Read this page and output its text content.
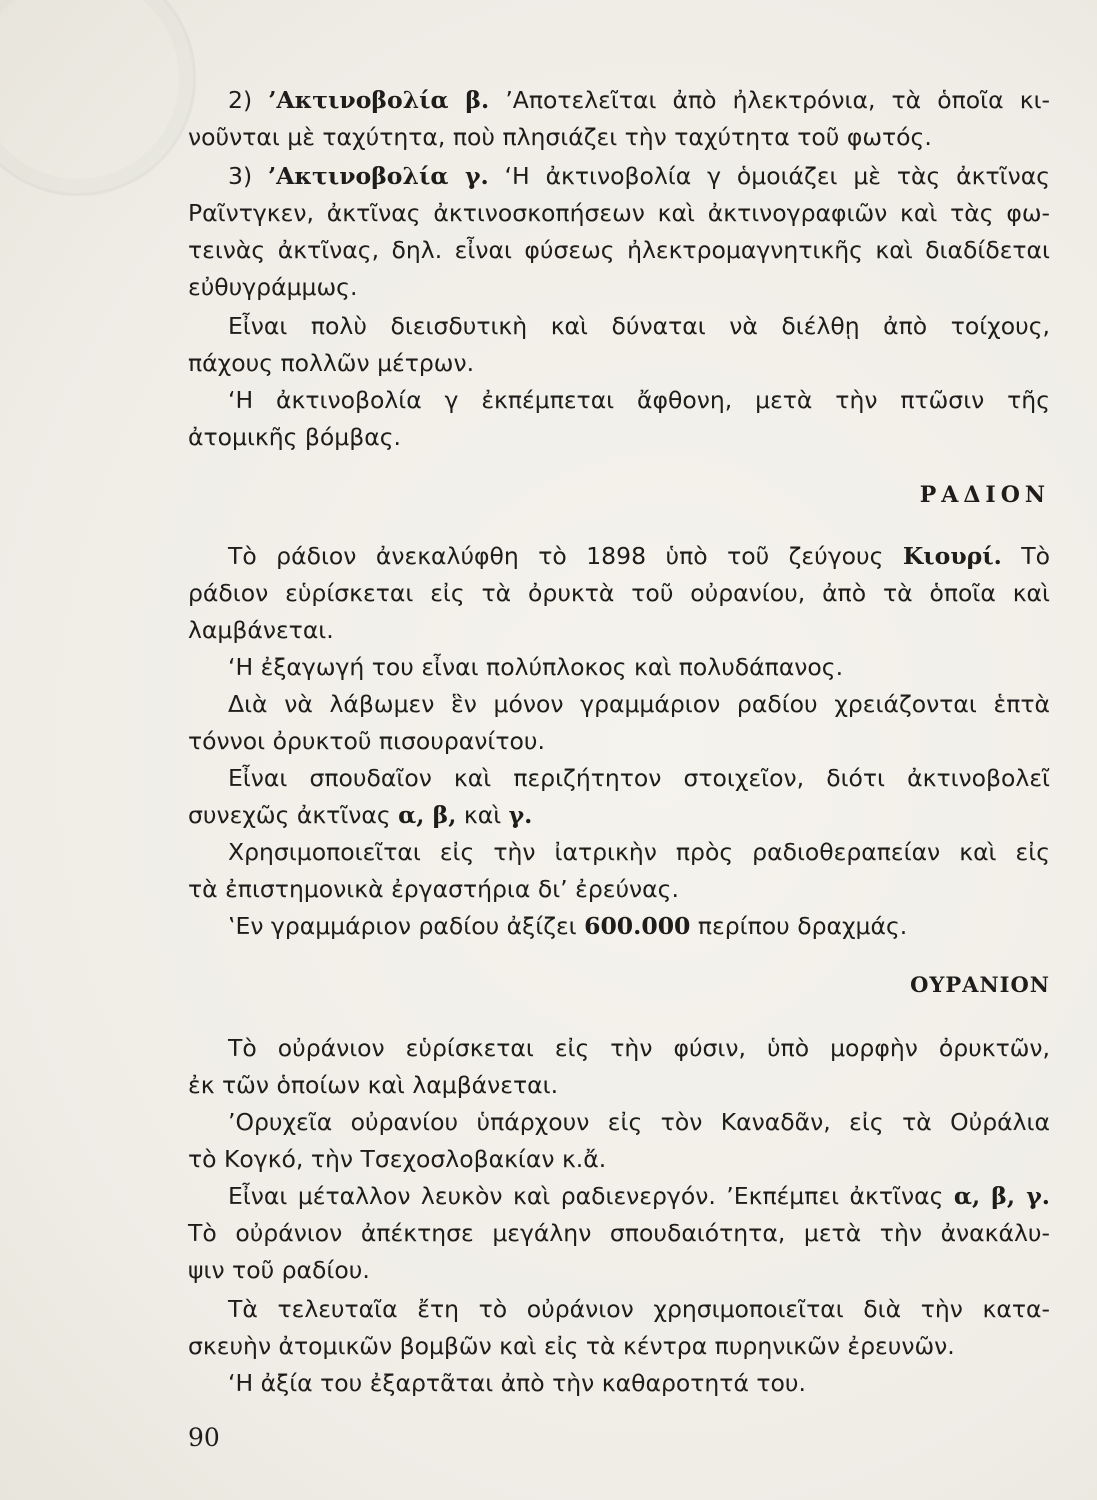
2) ’Ακτινοβολία β. ’Αποτελεῖται ἀπὸ ἠλεκτρόνια, τὰ ὁποῖα κι-
νοῦνται μὲ ταχύτητα, ποὺ πλησιάζει τὴν ταχύτητα τοῦ φωτός.
3) ’Ακτινοβολία γ. ‘Η ἀκτινοβολία γ ὁμοιάζει μὲ τὰς ἀκτῖνας
Ραῖντγκεν, ἀκτῖνας ἀκτινοσκοπήσεων καὶ ἀκτινογραφιῶν καὶ τὰς φω-
τεινὰς ἀκτῖνας, δηλ. εἶναι φύσεως ἠλεκτρομαγνητικῆς καὶ διαδίδεται
εὐθυγράμμως.
Εἶναι πολὺ διεισδυτικὴ καὶ δύναται νὰ διέλθῃ ἀπὸ τοίχους,
πάχους πολλῶν μέτρων.
‘Η ἀκτινοβολία γ ἐκπέμπεται ἄφθονη, μετὰ τὴν πτῶσιν τῆς
ἀτομικῆς βόμβας.
ΡΑΔΙΟΝ
Τὸ ράδιον ἀνεκαλύφθη τὸ 1898 ὑπὸ τοῦ ζεύγους Κιουρί. Τὸ
ράδιον εὑρίσκεται εἰς τὰ ὀρυκτὰ τοῦ οὐρανίου, ἀπὸ τὰ ὁποῖα καὶ
λαμβάνεται.
‘Η ἐξαγωγή του εἶναι πολύπλοκος καὶ πολυδάπανος.
Διὰ νὰ λάβωμεν ἓν μόνον γραμμάριον ραδίου χρειάζονται ἑπτὰ
τόννοι ὀρυκτοῦ πισουρανίτου.
Εἶναι σπουδαῖον καὶ περιζήτητον στοιχεῖον, διότι ἀκτινοβολεῖ
συνεχῶς ἀκτῖνας α, β, καὶ γ.
Χρησιμοποιεῖται εἰς τὴν ἰατρικὴν πρὸς ραδιοθεραπείαν καὶ εἰς
τὰ ἐπιστημονικὰ ἐργαστήρια δι’ ἐρεύνας.
‛Εν γραμμάριον ραδίου ἀξίζει 600.000 περίπου δραχμάς.
ΟΥΡΑΝΙΟΝ
Τὸ οὐράνιον εὑρίσκεται εἰς τὴν φύσιν, ὑπὸ μορφὴν ὀρυκτῶν,
ἐκ τῶν ὁποίων καὶ λαμβάνεται.
’Ορυχεῖα οὐρανίου ὑπάρχουν εἰς τὸν Καναδᾶν, εἰς τὰ Οὐράλια
τὸ Κογκό, τὴν Τσεχοσλοβακίαν κ.ἄ.
Εἶναι μέταλλον λευκὸν καὶ ραδιενεργόν. ’Εκπέμπει ἀκτῖνας α, β, γ.
Τὸ οὐράνιον ἀπέκτησε μεγάλην σπουδαιότητα, μετὰ τὴν ἀνακάλυ-
ψιν τοῦ ραδίου.
Τὰ τελευταῖα ἔτη τὸ οὐράνιον χρησιμοποιεῖται διὰ τὴν κατα-
σκευὴν ἀτομικῶν βομβῶν καὶ εἰς τὰ κέντρα πυρηνικῶν ἐρευνῶν.
‘Η ἀξία του ἐξαρτᾶται ἀπὸ τὴν καθαροτητά του.
90
